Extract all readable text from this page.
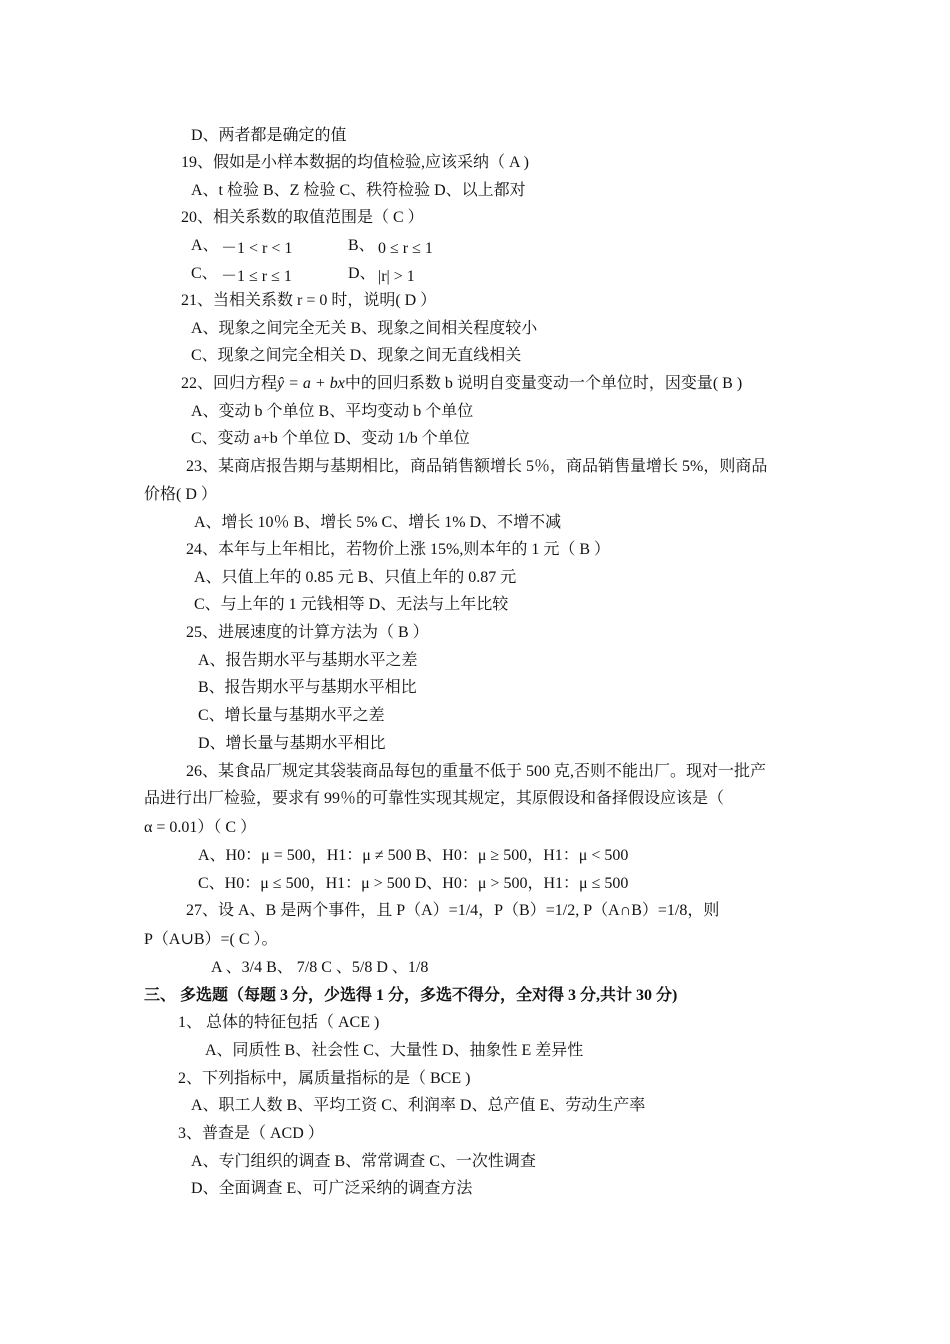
D、两者都是确定的值
19、假如是小样本数据的均值检验,应该采纳（ A )
A、t 检验 B、Z 检验 C、秩符检验 D、以上都对
20、相关系数的取值范围是（ C ）
A、 －1 < r < 1	B、 0 ≤ r ≤ 1
C、 －1 ≤ r ≤ 1	D、 |r| > 1
21、当相关系数 r = 0 时，说明( D ）
A、现象之间完全无关 B、现象之间相关程度较小
C、现象之间完全相关 D、现象之间无直线相关
22、回归方程ŷ = a + bx中的回归系数 b 说明自变量变动一个单位时，因变量( B )
A、变动 b 个单位 B、平均变动 b 个单位
C、变动 a+b 个单位 D、变动 1/b 个单位
23、某商店报告期与基期相比，商品销售额增长 5％，商品销售量增长 5%，则商品
价格( D ）
A、增长 10％ B、增长 5% C、增长 1% D、不增不减
24、本年与上年相比，若物价上涨 15%,则本年的 1 元（ B ）
A、只值上年的 0.85 元 B、只值上年的 0.87 元
C、与上年的 1 元钱相等 D、无法与上年比较
25、进展速度的计算方法为（ B ）
A、报告期水平与基期水平之差
B、报告期水平与基期水平相比
C、增长量与基期水平之差
D、增长量与基期水平相比
26、某食品厂规定其袋装商品每包的重量不低于 500 克,否则不能出厂。现对一批产
品进行出厂检验，要求有 99％的可靠性实现其规定，其原假设和备择假设应该是（
α = 0.01）（ C ）
A、H0：μ = 500，H1：μ ≠ 500 B、H0：μ ≥ 500，H1：μ < 500
C、H0：μ ≤ 500，H1：μ > 500 D、H0：μ > 500，H1：μ ≤ 500
27、设 A、B 是两个事件，且 P（A）=1/4，P（B）=1/2, P（A∩B）=1/8，则
P（A∪B）=( C ）。
A 、3/4 B、 7/8 C 、5/8 D 、1/8
三、 多选题（每题 3 分，少选得 1 分，多选不得分，全对得 3 分,共计 30 分)
1、 总体的特征包括（ ACE )
A、同质性 B、社会性 C、大量性 D、抽象性 E 差异性
2、下列指标中，属质量指标的是（ BCE )
A、职工人数 B、平均工资 C、利润率 D、总产值 E、劳动生产率
3、普查是（ ACD ）
A、专门组织的调查 B、常常调查 C、一次性调查
D、全面调查 E、可广泛采纳的调查方法
